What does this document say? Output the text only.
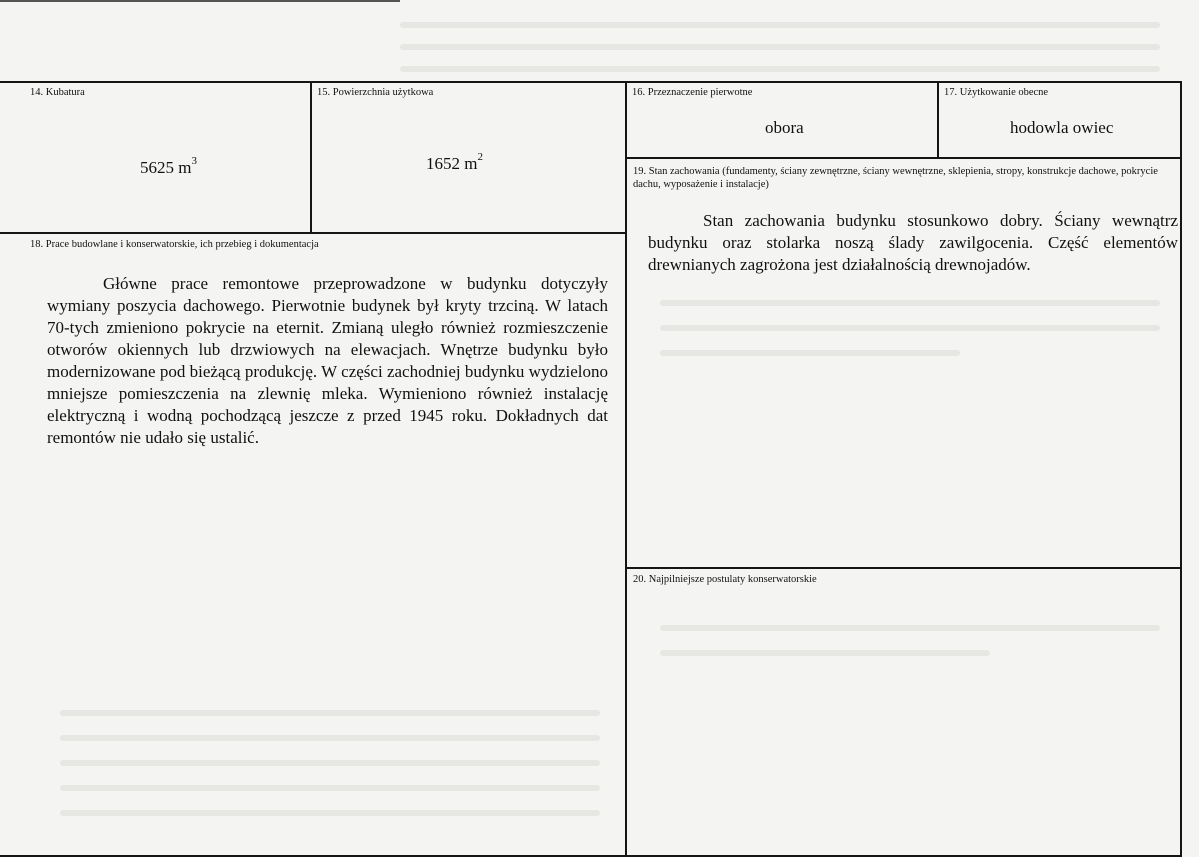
14. Kubatura
5625 $m^3$
15. Powierzchnia użytkowa
1652 $m^2$
16. Przeznaczenie pierwotne
obora
17. Użytkowanie obecne
hodowla owiec
19. Stan zachowania (fundamenty, ściany zewnętrzne, ściany wewnętrzne, sklepienia, stropy, konstrukcje dachowe, pokrycie dachu, wyposażenie i instalacje)
Stan zachowania budynku stosunkowo dobry. Ściany wewnątrz budynku oraz stolarka noszą ślady zawilgocenia. Część elementów drewnianych zagrożona jest działalnością drewnojadów.
18. Prace budowlane i konserwatorskie, ich przebieg i dokumentacja
Główne prace remontowe przeprowadzone w budynku dotyczyły wymiany poszycia dachowego. Pierwotnie budynek był kryty trzciną. W latach 70-tych zmieniono pokrycie na eternit. Zmianą uległo również rozmieszczenie otworów okiennych lub drzwiowych na elewacjach. Wnętrze budynku było modernizowane pod bieżącą produkcję. W części zachodniej budynku wydzielono mniejsze pomieszczenia na zlewnię mleka. Wymieniono również instalację elektryczną i wodną pochodzącą jeszcze z przed 1945 roku. Dokładnych dat remontów nie udało się ustalić.
20. Najpilniejsze postulaty konserwatorskie
